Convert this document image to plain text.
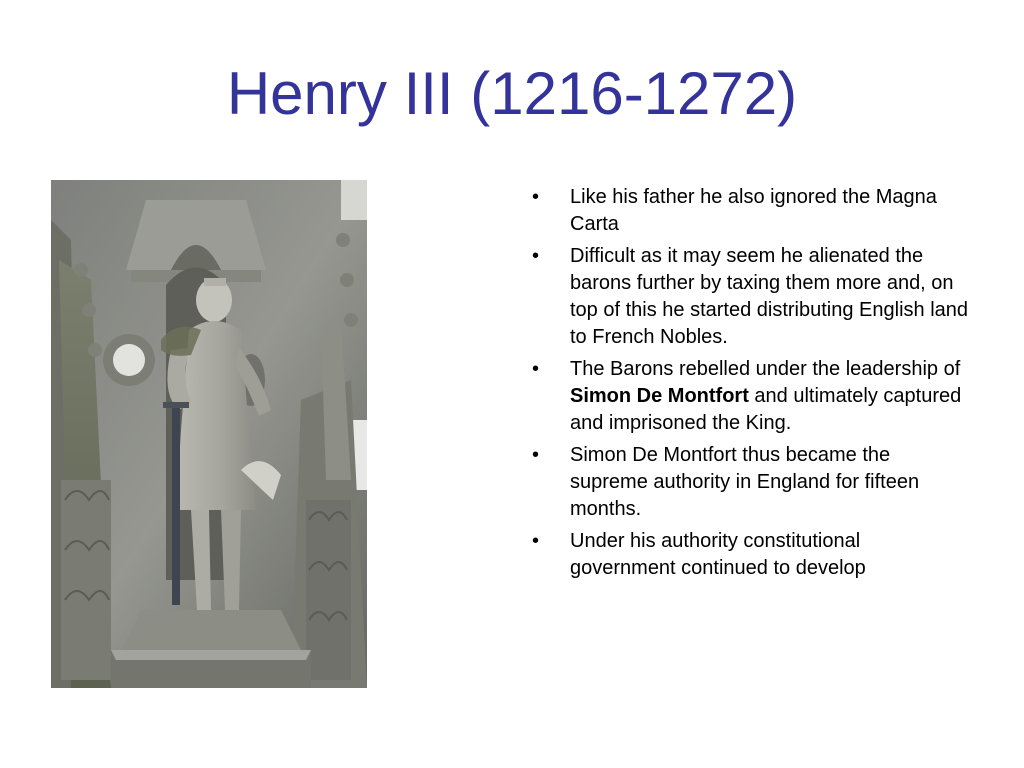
Henry III (1216-1272)
• Like his father he also ignored the Magna Carta
• Difficult as it may seem he alienated the barons further by taxing them more and, on top of this he started distributing English land to French Nobles.
• The Barons rebelled under the leadership of Simon De Montfort and ultimately captured and imprisoned the King.
• Simon De Montfort thus became the supreme authority in England for fifteen months.
• Under his authority constitutional government continued to develop
